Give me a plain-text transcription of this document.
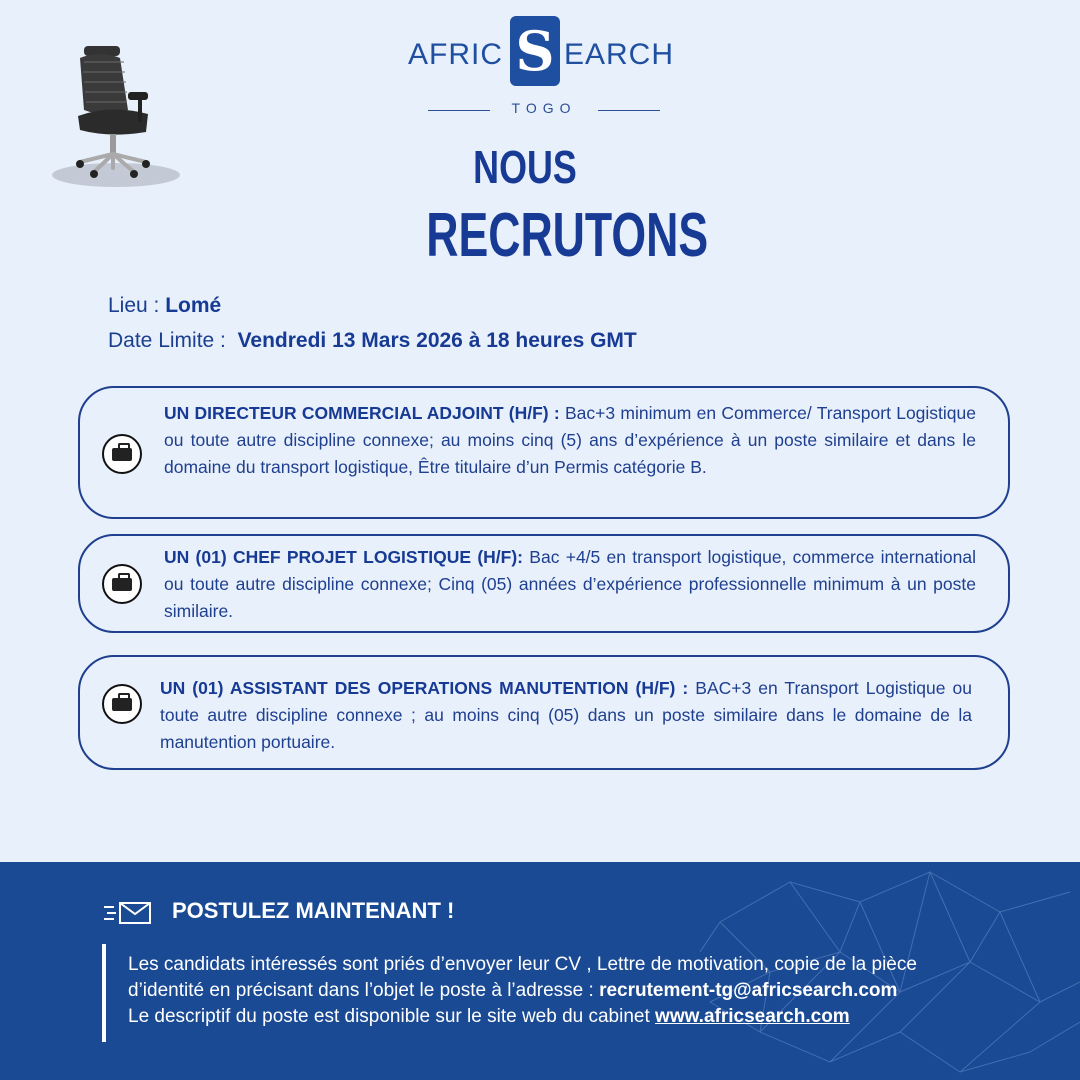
AFRIC S EARCH
TOGO
NOUS
RECRUTONS
Lieu : Lomé
Date Limite : Vendredi 13 Mars 2026 à 18 heures GMT
UN DIRECTEUR COMMERCIAL ADJOINT (H/F) : Bac+3 minimum en Commerce/ Transport Logistique ou toute autre discipline connexe; au moins cinq (5) ans d’expérience à un poste similaire et dans le domaine du transport logistique, Être titulaire d’un Permis catégorie B.
UN (01) CHEF PROJET LOGISTIQUE (H/F): Bac +4/5 en transport logistique, commerce international ou toute autre discipline connexe; Cinq (05) années d’expérience professionnelle minimum à un poste similaire.
UN (01) ASSISTANT DES OPERATIONS MANUTENTION (H/F) : BAC+3 en Transport Logistique ou toute autre discipline connexe ; au moins cinq (05) dans un poste similaire dans le domaine de la manutention portuaire.
POSTULEZ MAINTENANT !
Les candidats intéressés sont priés d’envoyer leur CV , Lettre de motivation, copie de la pièce
d’identité en précisant dans l’objet le poste à l’adresse : recrutement-tg@africsearch.com
Le descriptif du poste est disponible sur le site web du cabinet www.africsearch.com
